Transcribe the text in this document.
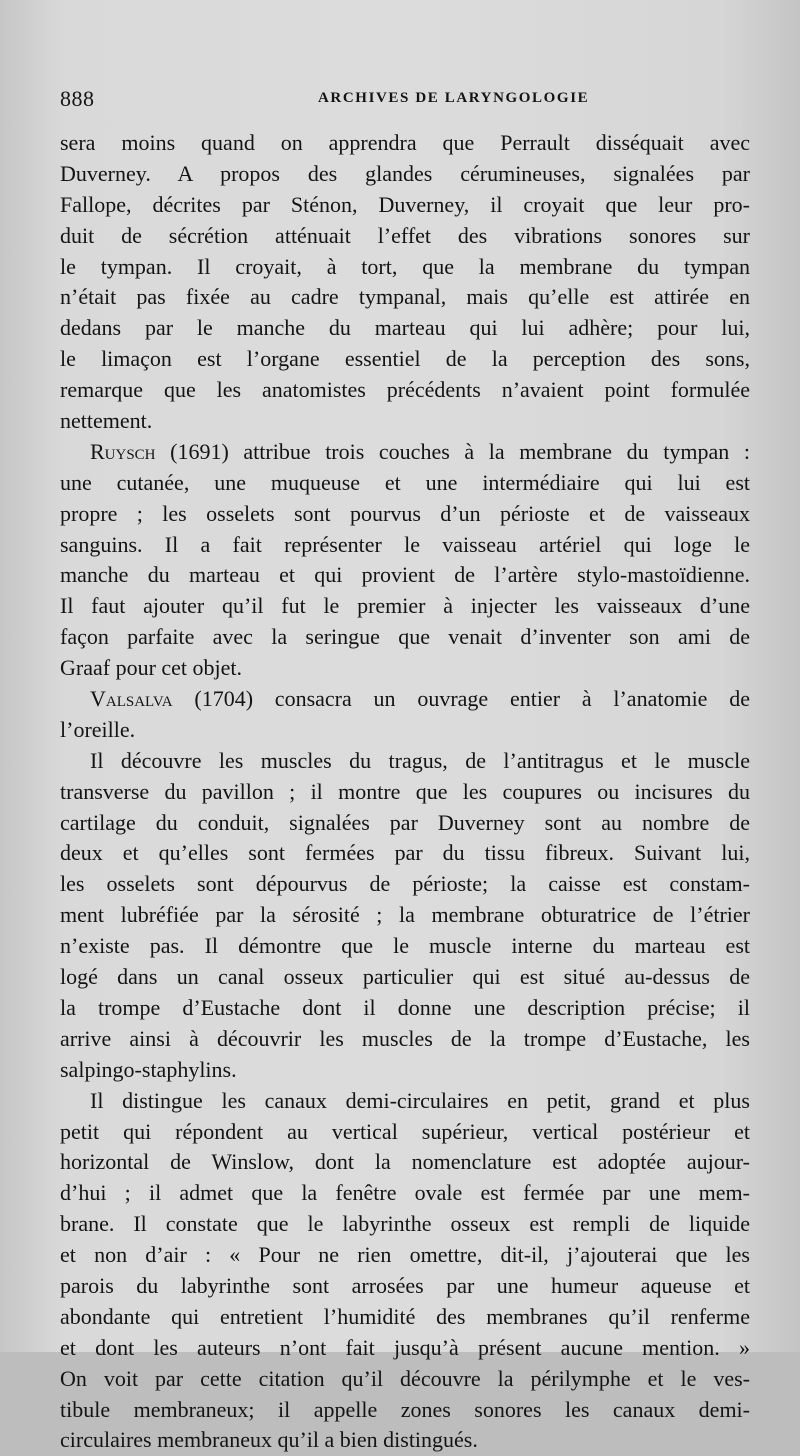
888	ARCHIVES DE LARYNGOLOGIE
sera moins quand on apprendra que Perrault disséquait avec
Duverney. A propos des glandes cérumineuses, signalées par
Fallope, décrites par Sténon, Duverney, il croyait que leur pro-
duit de sécrétion atténuait l’effet des vibrations sonores sur
le tympan. Il croyait, à tort, que la membrane du tympan
n’était pas fixée au cadre tympanal, mais qu’elle est attirée en
dedans par le manche du marteau qui lui adhère; pour lui,
le limaçon est l’organe essentiel de la perception des sons,
remarque que les anatomistes précédents n’avaient point formulée
nettement.
Ruysch (1691) attribue trois couches à la membrane du tympan :
une cutanée, une muqueuse et une intermédiaire qui lui est
propre ; les osselets sont pourvus d’un périoste et de vaisseaux
sanguins. Il a fait représenter le vaisseau artériel qui loge le
manche du marteau et qui provient de l’artère stylo-mastoïdienne.
Il faut ajouter qu’il fut le premier à injecter les vaisseaux d’une
façon parfaite avec la seringue que venait d’inventer son ami de
Graaf pour cet objet.
Valsalva (1704) consacra un ouvrage entier à l’anatomie de
l’oreille.
Il découvre les muscles du tragus, de l’antitragus et le muscle
transverse du pavillon ; il montre que les coupures ou incisures du
cartilage du conduit, signalées par Duverney sont au nombre de
deux et qu’elles sont fermées par du tissu fibreux. Suivant lui,
les osselets sont dépourvus de périoste; la caisse est constam-
ment lubréfiée par la sérosité ; la membrane obturatrice de l’étrier
n’existe pas. Il démontre que le muscle interne du marteau est
logé dans un canal osseux particulier qui est situé au-dessus de
la trompe d’Eustache dont il donne une description précise; il
arrive ainsi à découvrir les muscles de la trompe d’Eustache, les
salpingo-staphylins.
Il distingue les canaux demi-circulaires en petit, grand et plus
petit qui répondent au vertical supérieur, vertical postérieur et
horizontal de Winslow, dont la nomenclature est adoptée aujour-
d’hui ; il admet que la fenêtre ovale est fermée par une mem-
brane. Il constate que le labyrinthe osseux est rempli de liquide
et non d’air : « Pour ne rien omettre, dit-il, j’ajouterai que les
parois du labyrinthe sont arrosées par une humeur aqueuse et
abondante qui entretient l’humidité des membranes qu’il renferme
et dont les auteurs n’ont fait jusqu’à présent aucune mention. »
On voit par cette citation qu’il découvre la périlymphe et le ves-
tibule membraneux; il appelle zones sonores les canaux demi-
circulaires membraneux qu’il a bien distingués.
